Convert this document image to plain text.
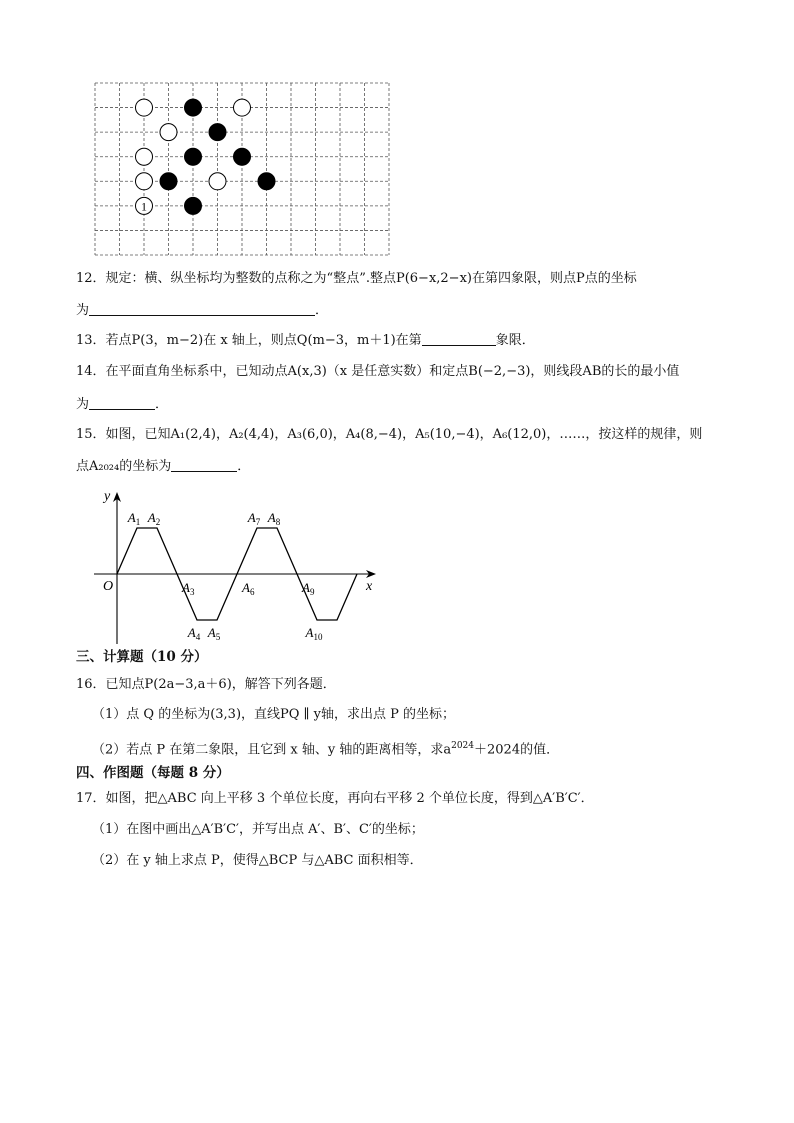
1
12．规定：横、纵坐标均为整数的点称之为“整点”.整点P(6−x,2−x)在第四象限，则点P点的坐标
为	．
13．若点P(3，m−2)在 x 轴上，则点Q(m−3，m＋1)在第	象限．
14．在平面直角坐标系中，已知动点A(x,3)（x 是任意实数）和定点B(−2,−3)，则线段AB的长的最小值
为	．
15．如图，已知A₁(2,4)，A₂(4,4)，A₃(6,0)，A₄(8,−4)，A₅(10,−4)，A₆(12,0)，……，按这样的规律，则
点A₂₀₂₄的坐标为	．
x
y
O
$A_1$ $A_2$
$A_3$
$A_4$ $A_5$
$A_6$
$A_7$ $A_8$
$A_9$
$A_{10}$
三、计算题（10 分）
16．已知点P(2a−3,a＋6)，解答下列各题．
（1）点 Q 的坐标为(3,3)，直线PQ ∥ y轴，求出点 P 的坐标；
（2）若点 P 在第二象限，且它到 x 轴、y 轴的距离相等，求$a^{2024}+2024$的值．
四、作图题（每题 8 分）
17．如图，把△ABC 向上平移 3 个单位长度，再向右平移 2 个单位长度，得到△A′B′C′．
（1）在图中画出△A′B′C′，并写出点 A′、B′、C′的坐标；
（2）在 y 轴上求点 P，使得△BCP 与△ABC 面积相等．
